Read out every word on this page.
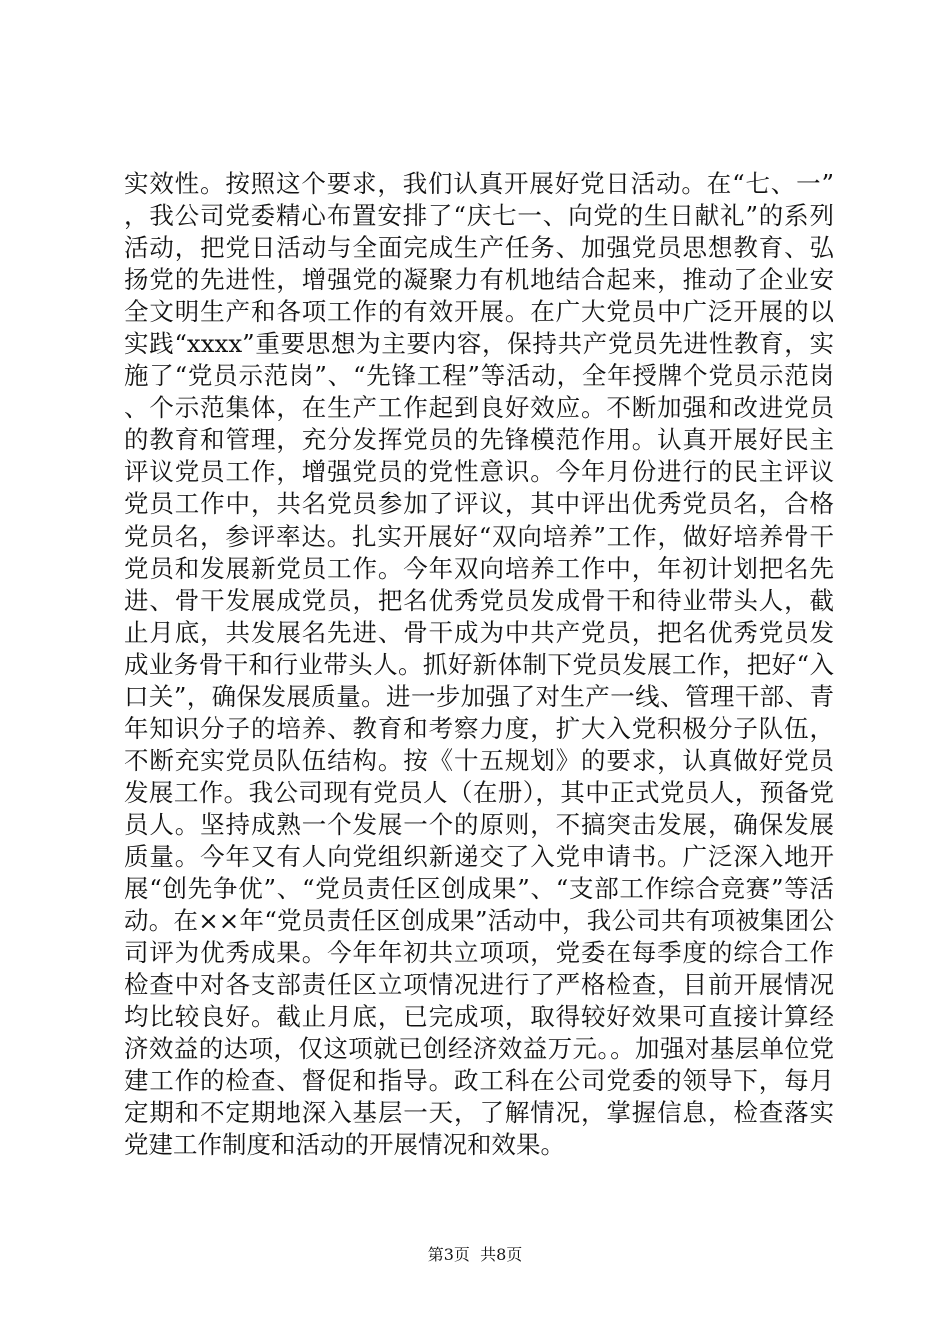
实效性。按照这个要求，我们认真开展好党日活动。在“七、一”，我公司党委精心布置安排了“庆七一、向党的生日献礼”的系列活动，把党日活动与全面完成生产任务、加强党员思想教育、弘扬党的先进性，增强党的凝聚力有机地结合起来，推动了企业安全文明生产和各项工作的有效开展。在广大党员中广泛开展的以实践“xxxx”重要思想为主要内容，保持共产党员先进性教育，实施了“党员示范岗”、“先锋工程”等活动，全年授牌个党员示范岗、个示范集体，在生产工作起到良好效应。不断加强和改进党员的教育和管理，充分发挥党员的先锋模范作用。认真开展好民主评议党员工作，增强党员的党性意识。今年月份进行的民主评议党员工作中，共名党员参加了评议，其中评出优秀党员名，合格党员名，参评率达。扎实开展好“双向培养”工作，做好培养骨干党员和发展新党员工作。今年双向培养工作中，年初计划把名先进、骨干发展成党员，把名优秀党员发成骨干和待业带头人，截止月底，共发展名先进、骨干成为中共产党员，把名优秀党员发成业务骨干和行业带头人。抓好新体制下党员发展工作，把好“入口关”，确保发展质量。进一步加强了对生产一线、管理干部、青年知识分子的培养、教育和考察力度，扩大入党积极分子队伍，不断充实党员队伍结构。按《十五规划》的要求，认真做好党员发展工作。我公司现有党员人（在册），其中正式党员人，预备党员人。坚持成熟一个发展一个的原则，不搞突击发展，确保发展质量。今年又有人向党组织新递交了入党申请书。广泛深入地开展“创先争优”、“党员责任区创成果”、“支部工作综合竞赛”等活动。在××年“党员责任区创成果”活动中，我公司共有项被集团公司评为优秀成果。今年年初共立项项，党委在每季度的综合工作检查中对各支部责任区立项情况进行了严格检查，目前开展情况均比较良好。截止月底，已完成项，取得较好效果可直接计算经济效益的达项，仅这项就已创经济效益万元。。加强对基层单位党建工作的检查、督促和指导。政工科在公司党委的领导下，每月定期和不定期地深入基层一天，了解情况，掌握信息，检查落实党建工作制度和活动的开展情况和效果。

第3页 共8页
